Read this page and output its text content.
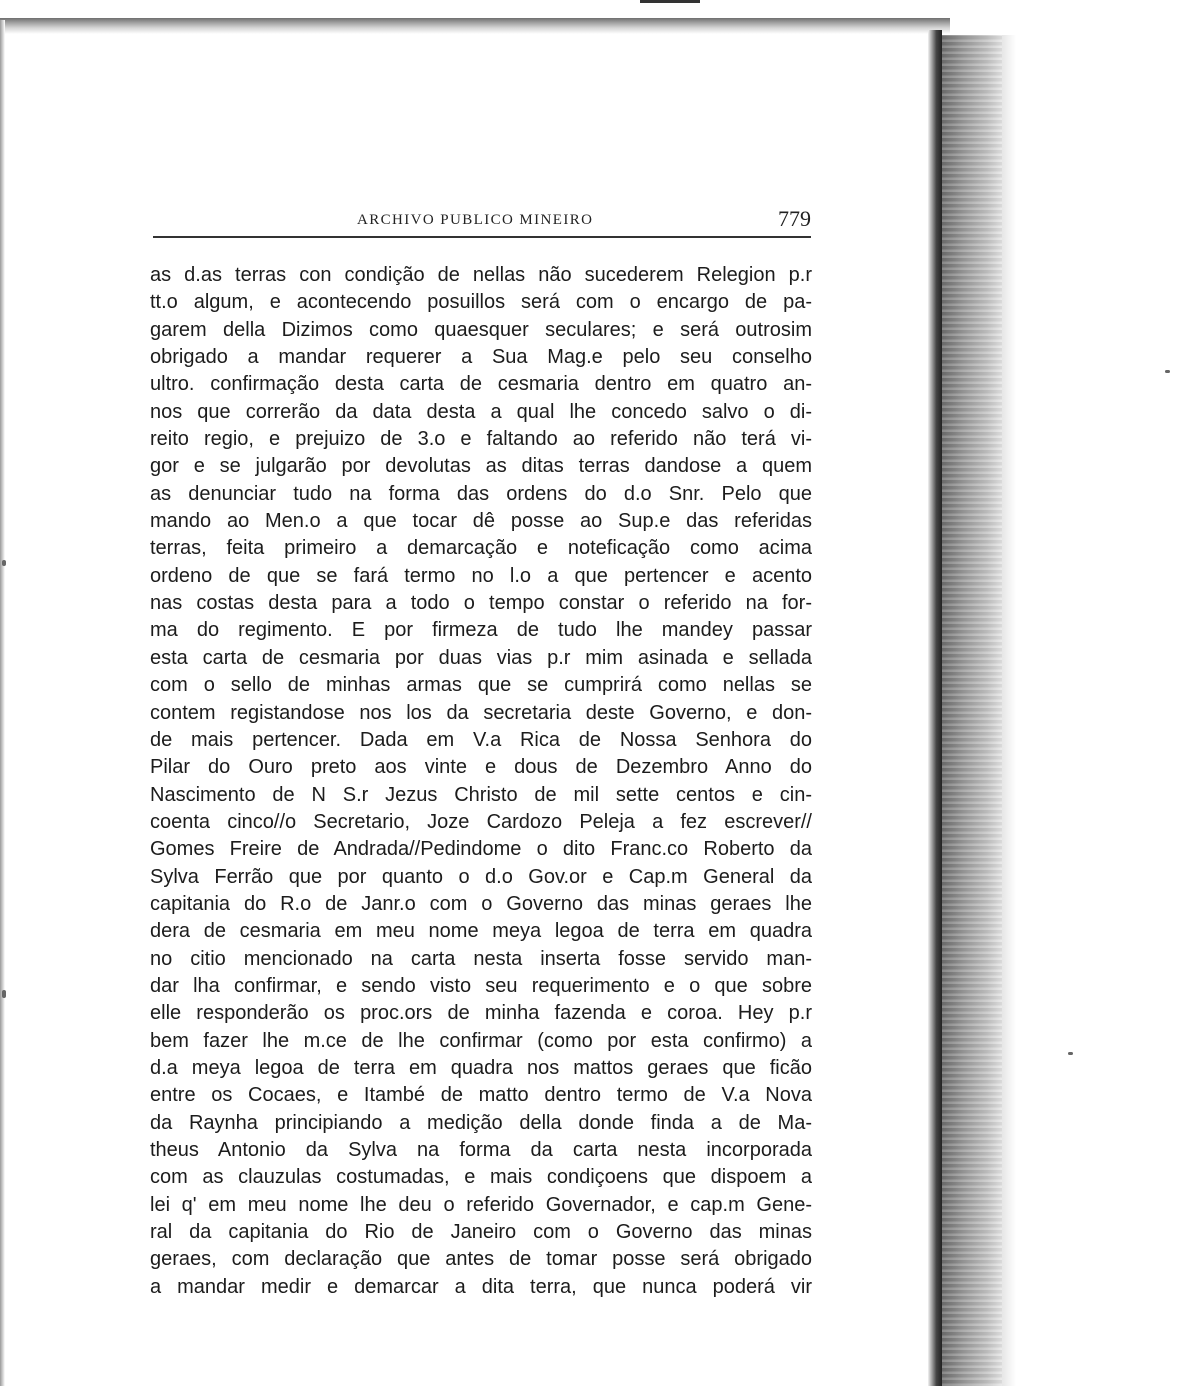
ARCHIVO PUBLICO MINEIRO	779
as d.as terras con condição de nellas não sucederem Relegion p.r
tt.o algum, e acontecendo posuillos será com o encargo de pa-
garem della Dizimos como quaesquer seculares; e será outrosim
obrigado a mandar requerer a Sua Mag.e pelo seu conselho
ultro. confirmação desta carta de cesmaria dentro em quatro an-
nos que correrão da data desta a qual lhe concedo salvo o di-
reito regio, e prejuizo de 3.o e faltando ao referido não terá vi-
gor e se julgarão por devolutas as ditas terras dandose a quem
as denunciar tudo na forma das ordens do d.o Snr. Pelo que
mando ao Men.o a que tocar dê posse ao Sup.e das referidas
terras, feita primeiro a demarcação e noteficação como acima
ordeno de que se fará termo no l.o a que pertencer e acento
nas costas desta para a todo o tempo constar o referido na for-
ma do regimento. E por firmeza de tudo lhe mandey passar
esta carta de cesmaria por duas vias p.r mim asinada e sellada
com o sello de minhas armas que se cumprirá como nellas se
contem registandose nos los da secretaria deste Governo, e don-
de mais pertencer. Dada em V.a Rica de Nossa Senhora do
Pilar do Ouro preto aos vinte e dous de Dezembro Anno do
Nascimento de N S.r Jezus Christo de mil sette centos e cin-
coenta cinco//o Secretario, Joze Cardozo Peleja a fez escrever//
Gomes Freire de Andrada//Pedindome o dito Franc.co Roberto da
Sylva Ferrão que por quanto o d.o Gov.or e Cap.m General da
capitania do R.o de Janr.o com o Governo das minas geraes lhe
dera de cesmaria em meu nome meya legoa de terra em quadra
no citio mencionado na carta nesta inserta fosse servido man-
dar lha confirmar, e sendo visto seu requerimento e o que sobre
elle responderão os proc.ors de minha fazenda e coroa. Hey p.r
bem fazer lhe m.ce de lhe confirmar (como por esta confirmo) a
d.a meya legoa de terra em quadra nos mattos geraes que ficão
entre os Cocaes, e Itambé de matto dentro termo de V.a Nova
da Raynha principiando a medição della donde finda a de Ma-
theus Antonio da Sylva na forma da carta nesta incorporada
com as clauzulas costumadas, e mais condiçoens que dispoem a
lei q' em meu nome lhe deu o referido Governador, e cap.m Gene-
ral da capitania do Rio de Janeiro com o Governo das minas
geraes, com declaração que antes de tomar posse será obrigado
a mandar medir e demarcar a dita terra, que nunca poderá vir
